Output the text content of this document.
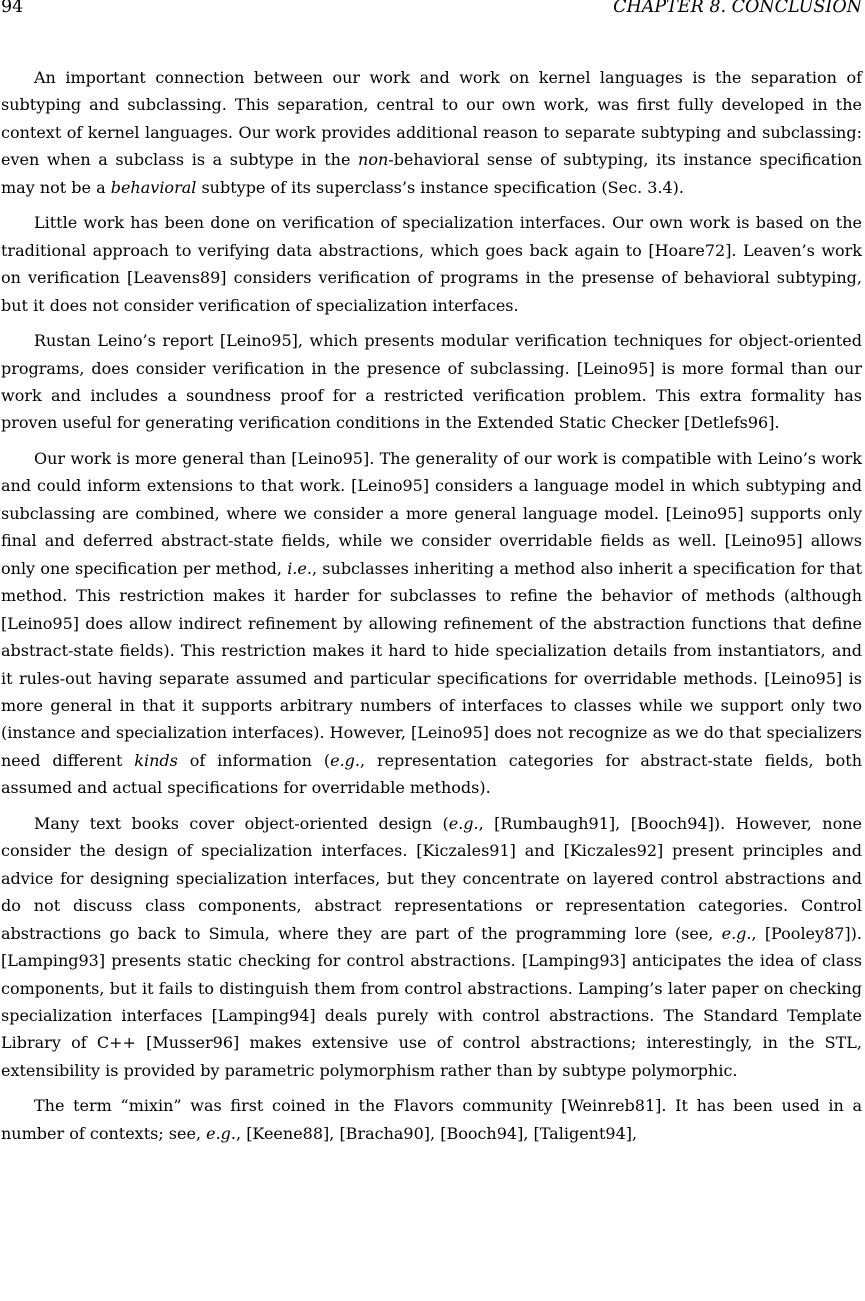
94	CHAPTER 8. CONCLUSION

An important connection between our work and work on kernel languages is the separation of subtyping and subclassing. This separation, central to our own work, was first fully developed in the context of kernel languages. Our work provides additional reason to separate subtyping and subclassing: even when a subclass is a subtype in the non-behavioral sense of subtyping, its instance specification may not be a behavioral subtype of its superclass’s instance specification (Sec. 3.4).

Little work has been done on verification of specialization interfaces. Our own work is based on the traditional approach to verifying data abstractions, which goes back again to [Hoare72]. Leaven’s work on verification [Leavens89] considers verification of programs in the presense of behavioral subtyping, but it does not consider verification of specialization interfaces.

Rustan Leino’s report [Leino95], which presents modular verification techniques for object-oriented programs, does consider verification in the presence of subclassing. [Leino95] is more formal than our work and includes a soundness proof for a restricted verification problem. This extra formality has proven useful for generating verification conditions in the Extended Static Checker [Detlefs96].

Our work is more general than [Leino95]. The generality of our work is compatible with Leino’s work and could inform extensions to that work. [Leino95] considers a language model in which subtyping and subclassing are combined, where we consider a more general language model. [Leino95] supports only final and deferred abstract-state fields, while we consider overridable fields as well. [Leino95] allows only one specification per method, i.e., subclasses inheriting a method also inherit a specification for that method. This restriction makes it harder for subclasses to refine the behavior of methods (although [Leino95] does allow indirect refinement by allowing refinement of the abstraction functions that define abstract-state fields). This restriction makes it hard to hide specialization details from instantiators, and it rules-out having separate assumed and particular specifications for overridable methods. [Leino95] is more general in that it supports arbitrary numbers of interfaces to classes while we support only two (instance and specialization interfaces). However, [Leino95] does not recognize as we do that specializers need different kinds of information (e.g., representation categories for abstract-state fields, both assumed and actual specifications for overridable methods).

Many text books cover object-oriented design (e.g., [Rumbaugh91], [Booch94]). However, none consider the design of specialization interfaces. [Kiczales91] and [Kiczales92] present principles and advice for designing specialization interfaces, but they concentrate on layered control abstractions and do not discuss class components, abstract representations or representation categories. Control abstractions go back to Simula, where they are part of the programming lore (see, e.g., [Pooley87]). [Lamping93] presents static checking for control abstractions. [Lamping93] anticipates the idea of class components, but it fails to distinguish them from control abstractions. Lamping’s later paper on checking specialization interfaces [Lamping94] deals purely with control abstractions. The Standard Template Library of C++ [Musser96] makes extensive use of control abstractions; interestingly, in the STL, extensibility is provided by parametric polymorphism rather than by subtype polymorphic.

The term “mixin” was first coined in the Flavors community [Weinreb81]. It has been used in a number of contexts; see, e.g., [Keene88], [Bracha90], [Booch94], [Taligent94],
